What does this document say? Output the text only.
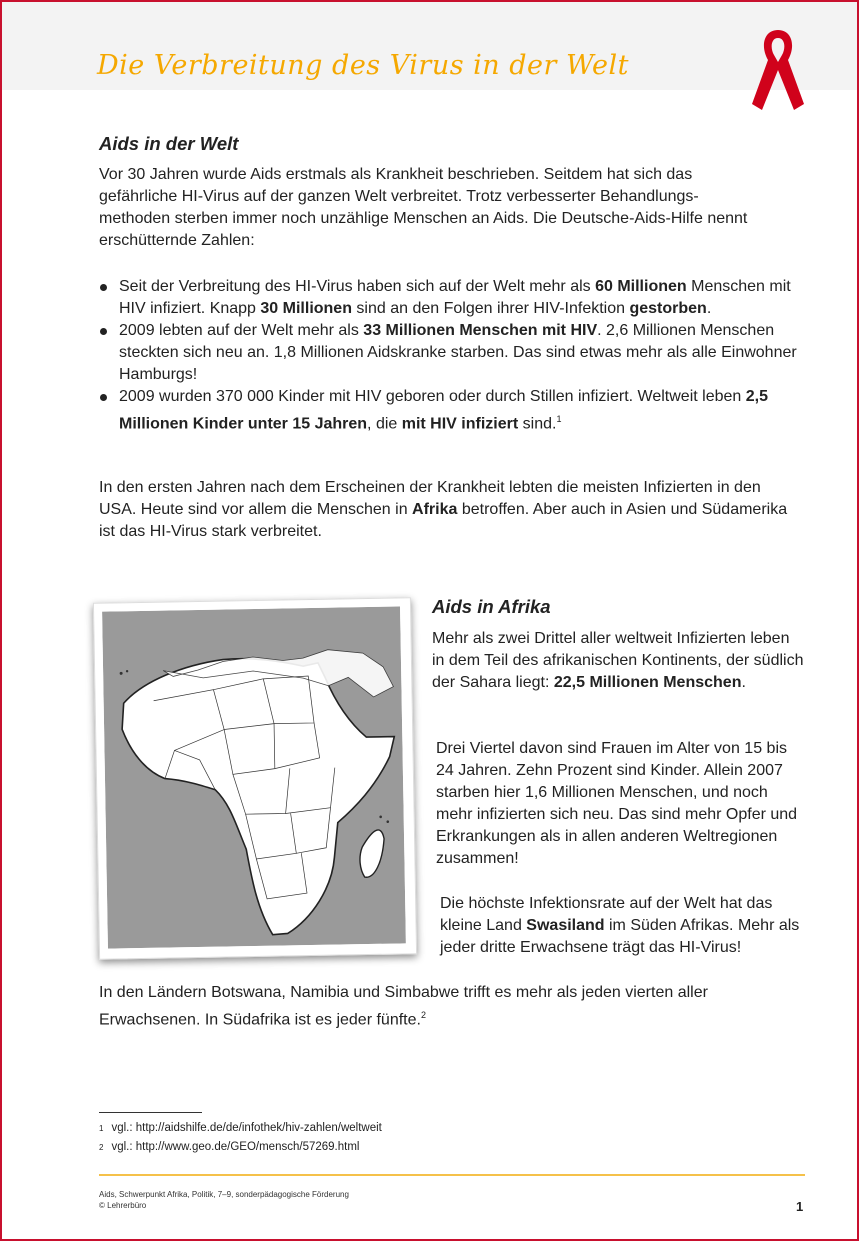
Die Verbreitung des Virus in der Welt
Aids in der Welt
Vor 30 Jahren wurde Aids erstmals als Krankheit beschrieben. Seitdem hat sich das gefährliche HI-Virus auf der ganzen Welt verbreitet. Trotz verbesserter Behandlungs-methoden sterben immer noch unzählige Menschen an Aids. Die Deutsche-Aids-Hilfe nennt erschütternde Zahlen:
Seit der Verbreitung des HI-Virus haben sich auf der Welt mehr als 60 Millionen Menschen mit HIV infiziert. Knapp 30 Millionen sind an den Folgen ihrer HIV-Infektion gestorben.
2009 lebten auf der Welt mehr als 33 Millionen Menschen mit HIV. 2,6 Millionen Menschen steckten sich neu an. 1,8 Millionen Aidskranke starben. Das sind etwas mehr als alle Einwohner Hamburgs!
2009 wurden 370 000 Kinder mit HIV geboren oder durch Stillen infiziert. Weltweit leben 2,5 Millionen Kinder unter 15 Jahren, die mit HIV infiziert sind.$^1$
In den ersten Jahren nach dem Erscheinen der Krankheit lebten die meisten Infizierten in den USA. Heute sind vor allem die Menschen in Afrika betroffen. Aber auch in Asien und Südamerika ist das HI-Virus stark verbreitet.
Aids in Afrika
Mehr als zwei Drittel aller weltweit Infizierten leben in dem Teil des afrikanischen Kontinents, der südlich der Sahara liegt: 22,5 Millionen Menschen.
Drei Viertel davon sind Frauen im Alter von 15 bis 24 Jahren. Zehn Prozent sind Kinder. Allein 2007 starben hier 1,6 Millionen Menschen, und noch mehr infizierten sich neu. Das sind mehr Opfer und Erkrankungen als in allen anderen Weltregionen zusammen!
Die höchste Infektionsrate auf der Welt hat das kleine Land Swasiland im Süden Afrikas. Mehr als jeder dritte Erwachsene trägt das HI-Virus!
In den Ländern Botswana, Namibia und Simbabwe trifft es mehr als jeden vierten aller Erwachsenen. In Südafrika ist es jeder fünfte.$^2$
$^1$ vgl.: http://aidshilfe.de/de/infothek/hiv-zahlen/weltweit
$^2$ vgl.: http://www.geo.de/GEO/mensch/57269.html
Aids, Schwerpunkt Afrika, Politik, 7–9, sonderpädagogische Förderung
© Lehrerbüro	1
